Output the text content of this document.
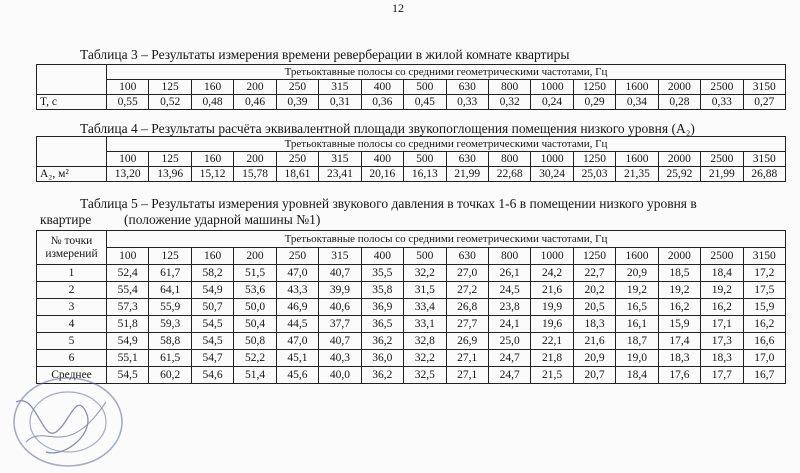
12
Таблица 3 – Результаты измерения времени реверберации в жилой комнате квартиры
	Третьоктавные полосы со средними геометрическими частотами, Гц															
	100	125	160	200	250	315	400	500	630	800	1000	1250	1600	2000	2500	3150
T, c	0,55	0,52	0,48	0,46	0,39	0,31	0,36	0,45	0,33	0,32	0,24	0,29	0,34	0,28	0,33	0,27
Таблица 4 – Результаты расчёта эквивалентной площади звукопоглощения помещения низкого уровня (A₂)
	Третьоктавные полосы со средними геометрическими частотами, Гц															
	100	125	160	200	250	315	400	500	630	800	1000	1250	1600	2000	2500	3150
A₂, м²	13,20	13,96	15,12	15,78	18,61	23,41	20,16	16,13	21,99	22,68	30,24	25,03	21,35	25,92	21,99	26,88
Таблица 5 – Результаты измерения уровней звукового давления в точках 1-6 в помещении низкого уровня в
квартире (положение ударной машины №1)
№ точки
измерений	Третьоктавные полосы со средними геометрическими частотами, Гц															
	100	125	160	200	250	315	400	500	630	800	1000	1250	1600	2000	2500	3150
1	52,4	61,7	58,2	51,5	47,0	40,7	35,5	32,2	27,0	26,1	24,2	22,7	20,9	18,5	18,4	17,2
2	55,4	64,1	54,9	53,6	43,3	39,9	35,8	31,5	27,2	24,5	21,6	20,2	19,2	19,2	19,2	17,5
3	57,3	55,9	50,7	50,0	46,9	40,6	36,9	33,4	26,8	23,8	19,9	20,5	16,5	16,2	16,2	15,9
4	51,8	59,3	54,5	50,4	44,5	37,7	36,5	33,1	27,7	24,1	19,6	18,3	16,1	15,9	17,1	16,2
5	54,9	58,8	54,5	50,8	47,0	40,7	36,2	32,8	26,9	25,0	22,1	21,6	18,7	17,4	17,3	16,6
6	55,1	61,5	54,7	52,2	45,1	40,3	36,0	32,2	27,1	24,7	21,8	20,9	19,0	18,3	18,3	17,0
Среднее	54,5	60,2	54,6	51,4	45,6	40,0	36,2	32,5	27,1	24,7	21,5	20,7	18,4	17,6	17,7	16,7
